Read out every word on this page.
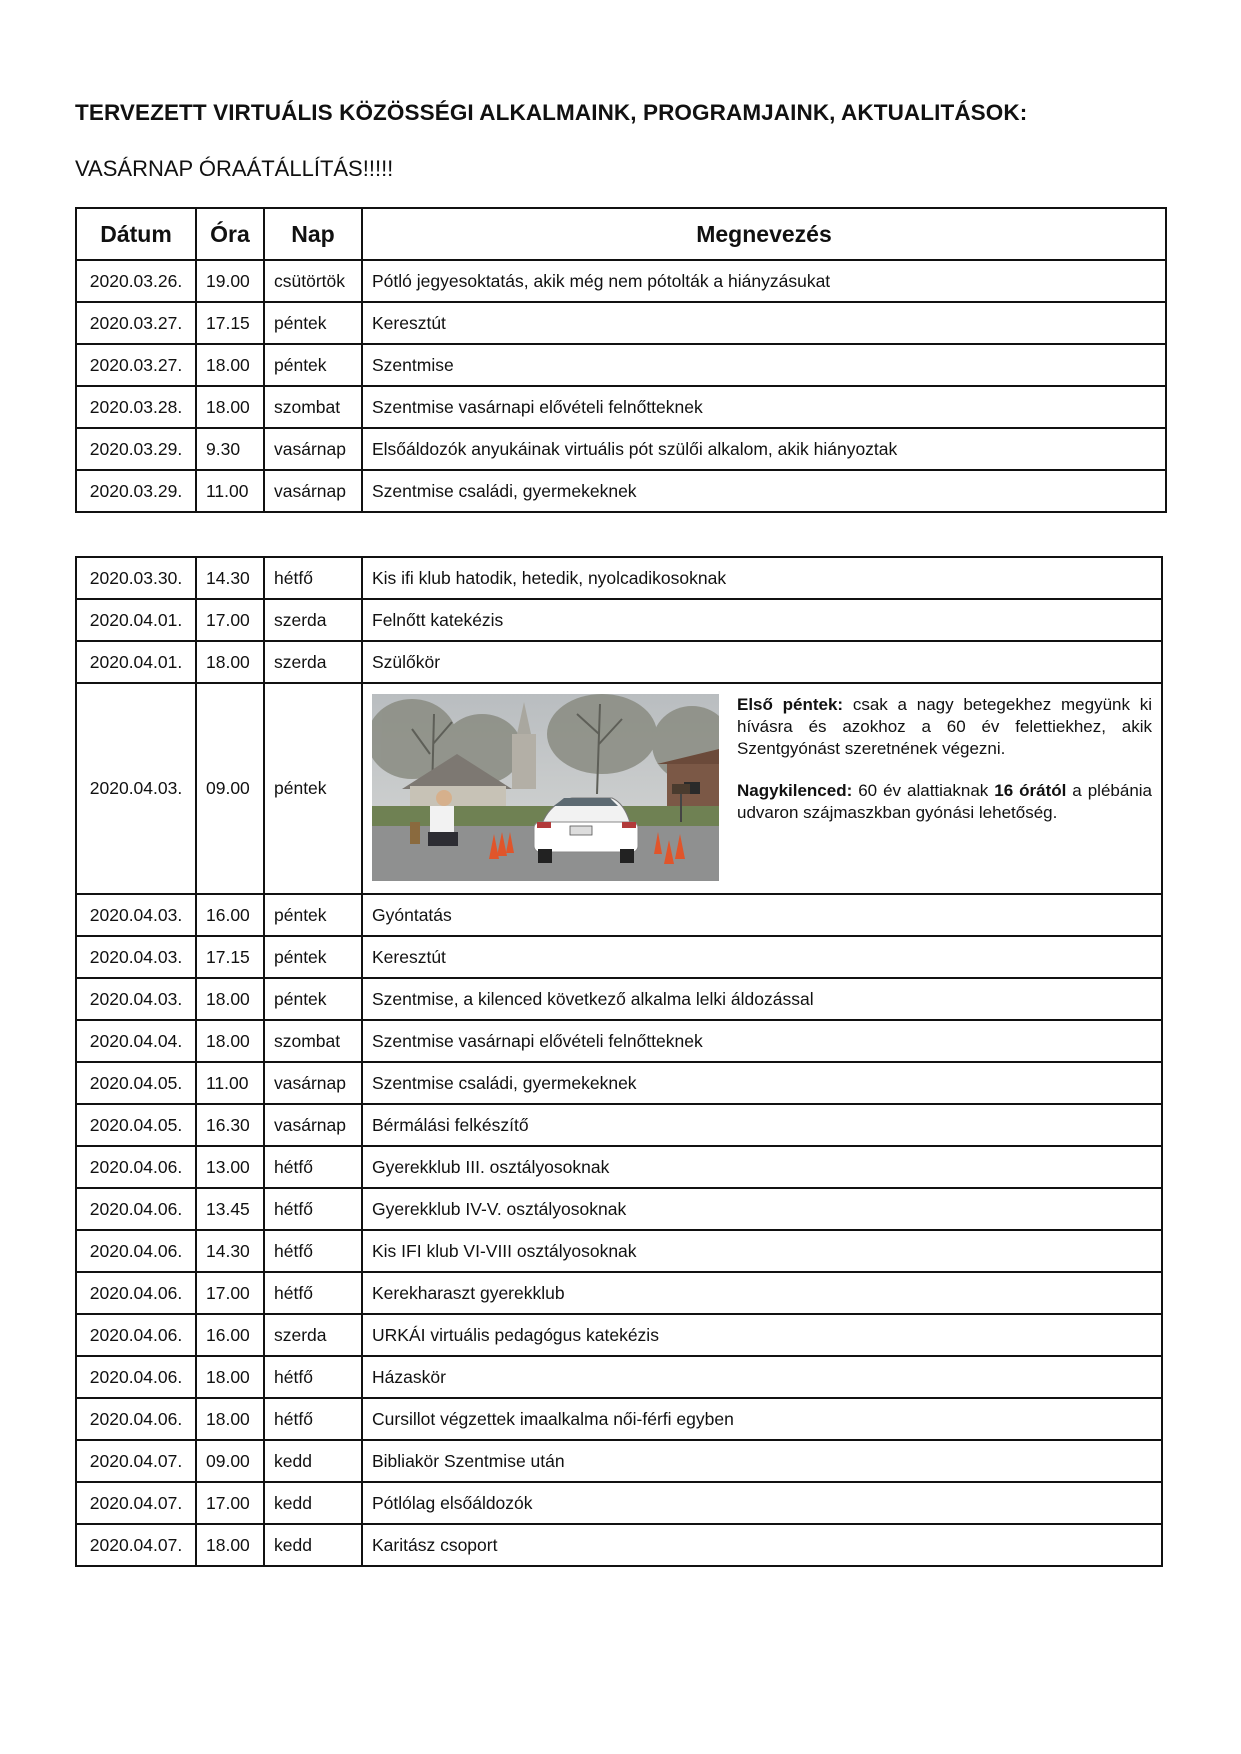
TERVEZETT VIRTUÁLIS KÖZÖSSÉGI ALKALMAINK, PROGRAMJAINK, AKTUALITÁSOK:
VASÁRNAP ÓRAÁTÁLLÍTÁS!!!!!
Dátum	Óra	Nap	Megnevezés
2020.03.26.	19.00	csütörtök	Pótló jegyesoktatás, akik még nem pótolták a hiányzásukat
2020.03.27.	17.15	péntek	Keresztút
2020.03.27.	18.00	péntek	Szentmise
2020.03.28.	18.00	szombat	Szentmise vasárnapi elővételi felnőtteknek
2020.03.29.	9.30	vasárnap	Elsőáldozók anyukáinak virtuális pót szülői alkalom, akik hiányoztak
2020.03.29.	11.00	vasárnap	Szentmise családi, gyermekeknek
2020.03.30.	14.30	hétfő	Kis ifi klub hatodik, hetedik, nyolcadikosoknak
2020.04.01.	17.00	szerda	Felnőtt katekézis
2020.04.01.	18.00	szerda	Szülőkör
2020.04.03.	09.00	péntek	Első péntek: csak a nagy betegekhez megyünk ki hívásra és azokhoz a 60 év felettiekhez, akik Szentgyónást szeretnének végezni.

Nagykilenced: 60 év alattiaknak 16 órától a plébánia udvaron szájmaszkban gyónási lehetőség.

2020.04.03.	16.00	péntek	Gyóntatás
2020.04.03.	17.15	péntek	Keresztút
2020.04.03.	18.00	péntek	Szentmise, a kilenced következő alkalma lelki áldozással
2020.04.04.	18.00	szombat	Szentmise vasárnapi elővételi felnőtteknek
2020.04.05.	11.00	vasárnap	Szentmise családi, gyermekeknek
2020.04.05.	16.30	vasárnap	Bérmálási felkészítő
2020.04.06.	13.00	hétfő	Gyerekklub III. osztályosoknak
2020.04.06.	13.45	hétfő	Gyerekklub IV-V. osztályosoknak
2020.04.06.	14.30	hétfő	Kis IFI klub VI-VIII osztályosoknak
2020.04.06.	17.00	hétfő	Kerekharaszt gyerekklub
2020.04.06.	16.00	szerda	URKÁI virtuális pedagógus katekézis
2020.04.06.	18.00	hétfő	Házaskör
2020.04.06.	18.00	hétfő	Cursillot végzettek imaalkalma női-férfi egyben
2020.04.07.	09.00	kedd	Bibliakör Szentmise után
2020.04.07.	17.00	kedd	Pótlólag elsőáldozók
2020.04.07.	18.00	kedd	Karitász csoport
